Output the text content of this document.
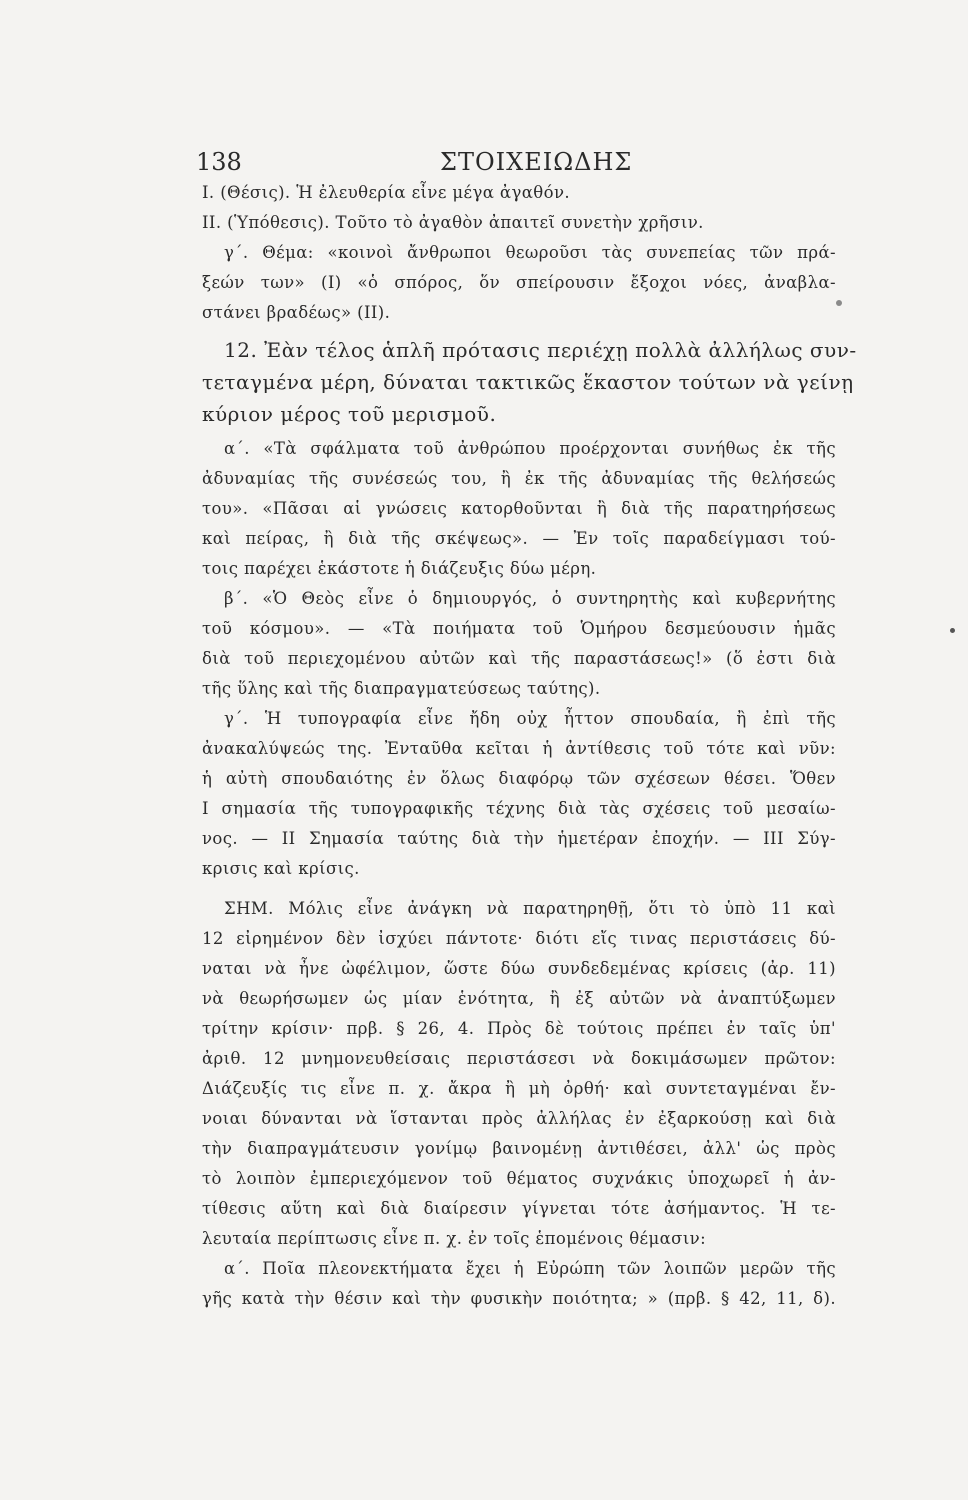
138	ΣΤΟΙΧΕΙΩΔΗΣ
I. (Θέσις). Ἡ ἐλευθερία εἶνε μέγα ἀγαθόν.
II. (Ὑπόθεσις). Τοῦτο τὸ ἀγαθὸν ἀπαιτεῖ συνετὴν χρῆσιν.
γ΄. Θέμα: «κοινοὶ ἄνθρωποι θεωροῦσι τὰς συνεπείας τῶν πρά-
ξεών των» (I) «ὁ σπόρος, ὅν σπείρουσιν ἔξοχοι νόες, ἀναβλα-
στάνει βραδέως» (II).
12. Ἐὰν τέλος ἁπλῆ πρότασις περιέχῃ πολλὰ ἀλλήλως συν-
τεταγμένα μέρη, δύναται τακτικῶς ἕκαστον τούτων νὰ γείνῃ
κύριον μέρος τοῦ μερισμοῦ.
α΄. «Τὰ σφάλματα τοῦ ἀνθρώπου προέρχονται συνήθως ἐκ τῆς
ἀδυναμίας τῆς συνέσεώς του, ἢ ἐκ τῆς ἀδυναμίας τῆς θελήσεώς
του». «Πᾶσαι αἱ γνώσεις κατορθοῦνται ἢ διὰ τῆς παρατηρήσεως
καὶ πείρας, ἢ διὰ τῆς σκέψεως». — Ἐν τοῖς παραδείγμασι τού-
τοις παρέχει ἑκάστοτε ἡ διάζευξις δύω μέρη.
β΄. «Ὁ Θεὸς εἶνε ὁ δημιουργός, ὁ συντηρητὴς καὶ κυβερνήτης
τοῦ κόσμου». — «Τὰ ποιήματα τοῦ Ὁμήρου δεσμεύουσιν ἡμᾶς
διὰ τοῦ περιεχομένου αὐτῶν καὶ τῆς παραστάσεως!» (ὅ ἐστι διὰ
τῆς ὕλης καὶ τῆς διαπραγματεύσεως ταύτης).
γ΄. Ἡ τυπογραφία εἶνε ἤδη οὐχ ἧττον σπουδαία, ἢ ἐπὶ τῆς
ἀνακαλύψεώς της. Ἐνταῦθα κεῖται ἡ ἀντίθεσις τοῦ τότε καὶ νῦν:
ἡ αὐτὴ σπουδαιότης ἐν ὅλως διαφόρῳ τῶν σχέσεων θέσει. Ὅθεν
I σημασία τῆς τυπογραφικῆς τέχνης διὰ τὰς σχέσεις τοῦ μεσαίω-
νος. — II Σημασία ταύτης διὰ τὴν ἡμετέραν ἐποχήν. — III Σύγ-
κρισις καὶ κρίσις.
ΣΗΜ. Μόλις εἶνε ἀνάγκη νὰ παρατηρηθῇ, ὅτι τὸ ὑπὸ 11 καὶ
12 εἰρημένον δὲν ἰσχύει πάντοτε· διότι εἴς τινας περιστάσεις δύ-
ναται νὰ ἦνε ὠφέλιμον, ὥστε δύω συνδεδεμένας κρίσεις (ἀρ. 11)
νὰ θεωρήσωμεν ὡς μίαν ἑνότητα, ἢ ἐξ αὐτῶν νὰ ἀναπτύξωμεν
τρίτην κρίσιν· πρβ. § 26, 4. Πρὸς δὲ τούτοις πρέπει ἐν ταῖς ὑπ'
ἀριθ. 12 μνημονευθείσαις περιστάσεσι νὰ δοκιμάσωμεν πρῶτον:
Διάζευξίς τις εἶνε π. χ. ἄκρα ἢ μὴ ὀρθή· καὶ συντεταγμέναι ἔν-
νοιαι δύνανται νὰ ἵστανται πρὸς ἀλλήλας ἐν ἐξαρκούσῃ καὶ διὰ
τὴν διαπραγμάτευσιν γονίμῳ βαινομένῃ ἀντιθέσει, ἀλλ' ὡς πρὸς
τὸ λοιπὸν ἐμπεριεχόμενον τοῦ θέματος συχνάκις ὑποχωρεῖ ἡ ἀν-
τίθεσις αὕτη καὶ διὰ διαίρεσιν γίγνεται τότε ἀσήμαντος. Ἡ τε-
λευταία περίπτωσις εἶνε π. χ. ἐν τοῖς ἑπομένοις θέμασιν:
α΄. Ποῖα πλεονεκτήματα ἔχει ἡ Εὐρώπη τῶν λοιπῶν μερῶν τῆς
γῆς κατὰ τὴν θέσιν καὶ τὴν φυσικὴν ποιότητα; » (πρβ. § 42, 11, δ).
